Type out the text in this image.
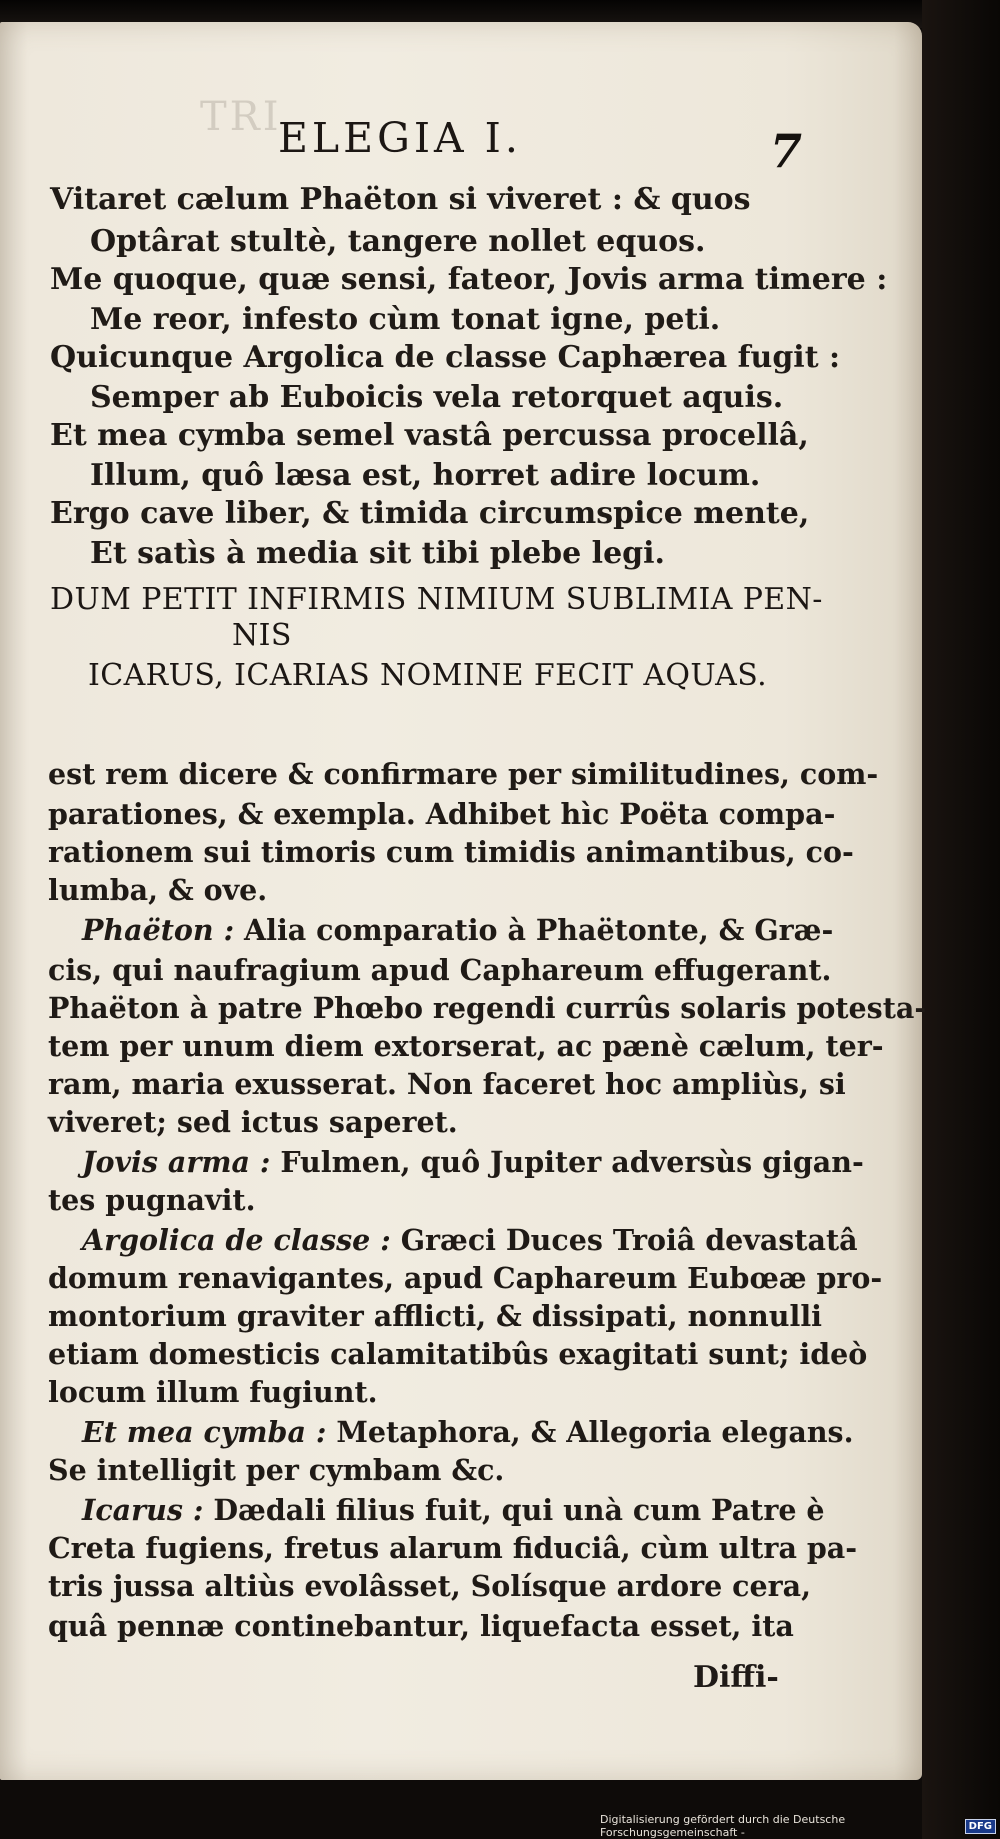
TRI
ELEGIA I.	7
Vitaret cælum Phaëton si viveret : & quos
Optârat stultè, tangere nollet equos.
Me quoque, quæ sensi, fateor, Jovis arma timere :
Me reor, infesto cùm tonat igne, peti.
Quicunque Argolica de classe Caphærea fugit :
Semper ab Euboicis vela retorquet aquis.
Et mea cymba semel vastâ percussa procellâ,
Illum, quô læsa est, horret adire locum.
Ergo cave liber, & timida circumspice mente,
Et satìs à media sit tibi plebe legi.
DUM PETIT INFIRMIS NIMIUM SUBLIMIA PEN-
NIS
ICARUS, ICARIAS NOMINE FECIT AQUAS.
est rem dicere & confirmare per similitudines, com-
parationes, & exempla. Adhibet hìc Poëta compa-
rationem sui timoris cum timidis animantibus, co-
lumba, & ove.
Phaëton : Alia comparatio à Phaëtonte, & Græ-
cis, qui naufragium apud Caphareum effugerant.
Phaëton à patre Phœbo regendi currûs solaris potesta-
tem per unum diem extorserat, ac pænè cælum, ter-
ram, maria exusserat. Non faceret hoc ampliùs, si
viveret; sed ictus saperet.
Jovis arma : Fulmen, quô Jupiter adversùs gigan-
tes pugnavit.
Argolica de classe : Græci Duces Troiâ devastatâ
domum renavigantes, apud Caphareum Eubœæ pro-
montorium graviter afflicti, & dissipati, nonnulli
etiam domesticis calamitatibûs exagitati sunt; ideò
locum illum fugiunt.
Et mea cymba : Metaphora, & Allegoria elegans.
Se intelligit per cymbam &c.
Icarus : Dædali filius fuit, qui unà cum Patre è
Creta fugiens, fretus alarum fiduciâ, cùm ultra pa-
tris jussa altiùs evolâsset, Solísque ardore cera,
quâ pennæ continebantur, liquefacta esset, ita
Diffi-
Digitalisierung gefördert durch die Deutsche Forschungsgemeinschaft -	DFG
